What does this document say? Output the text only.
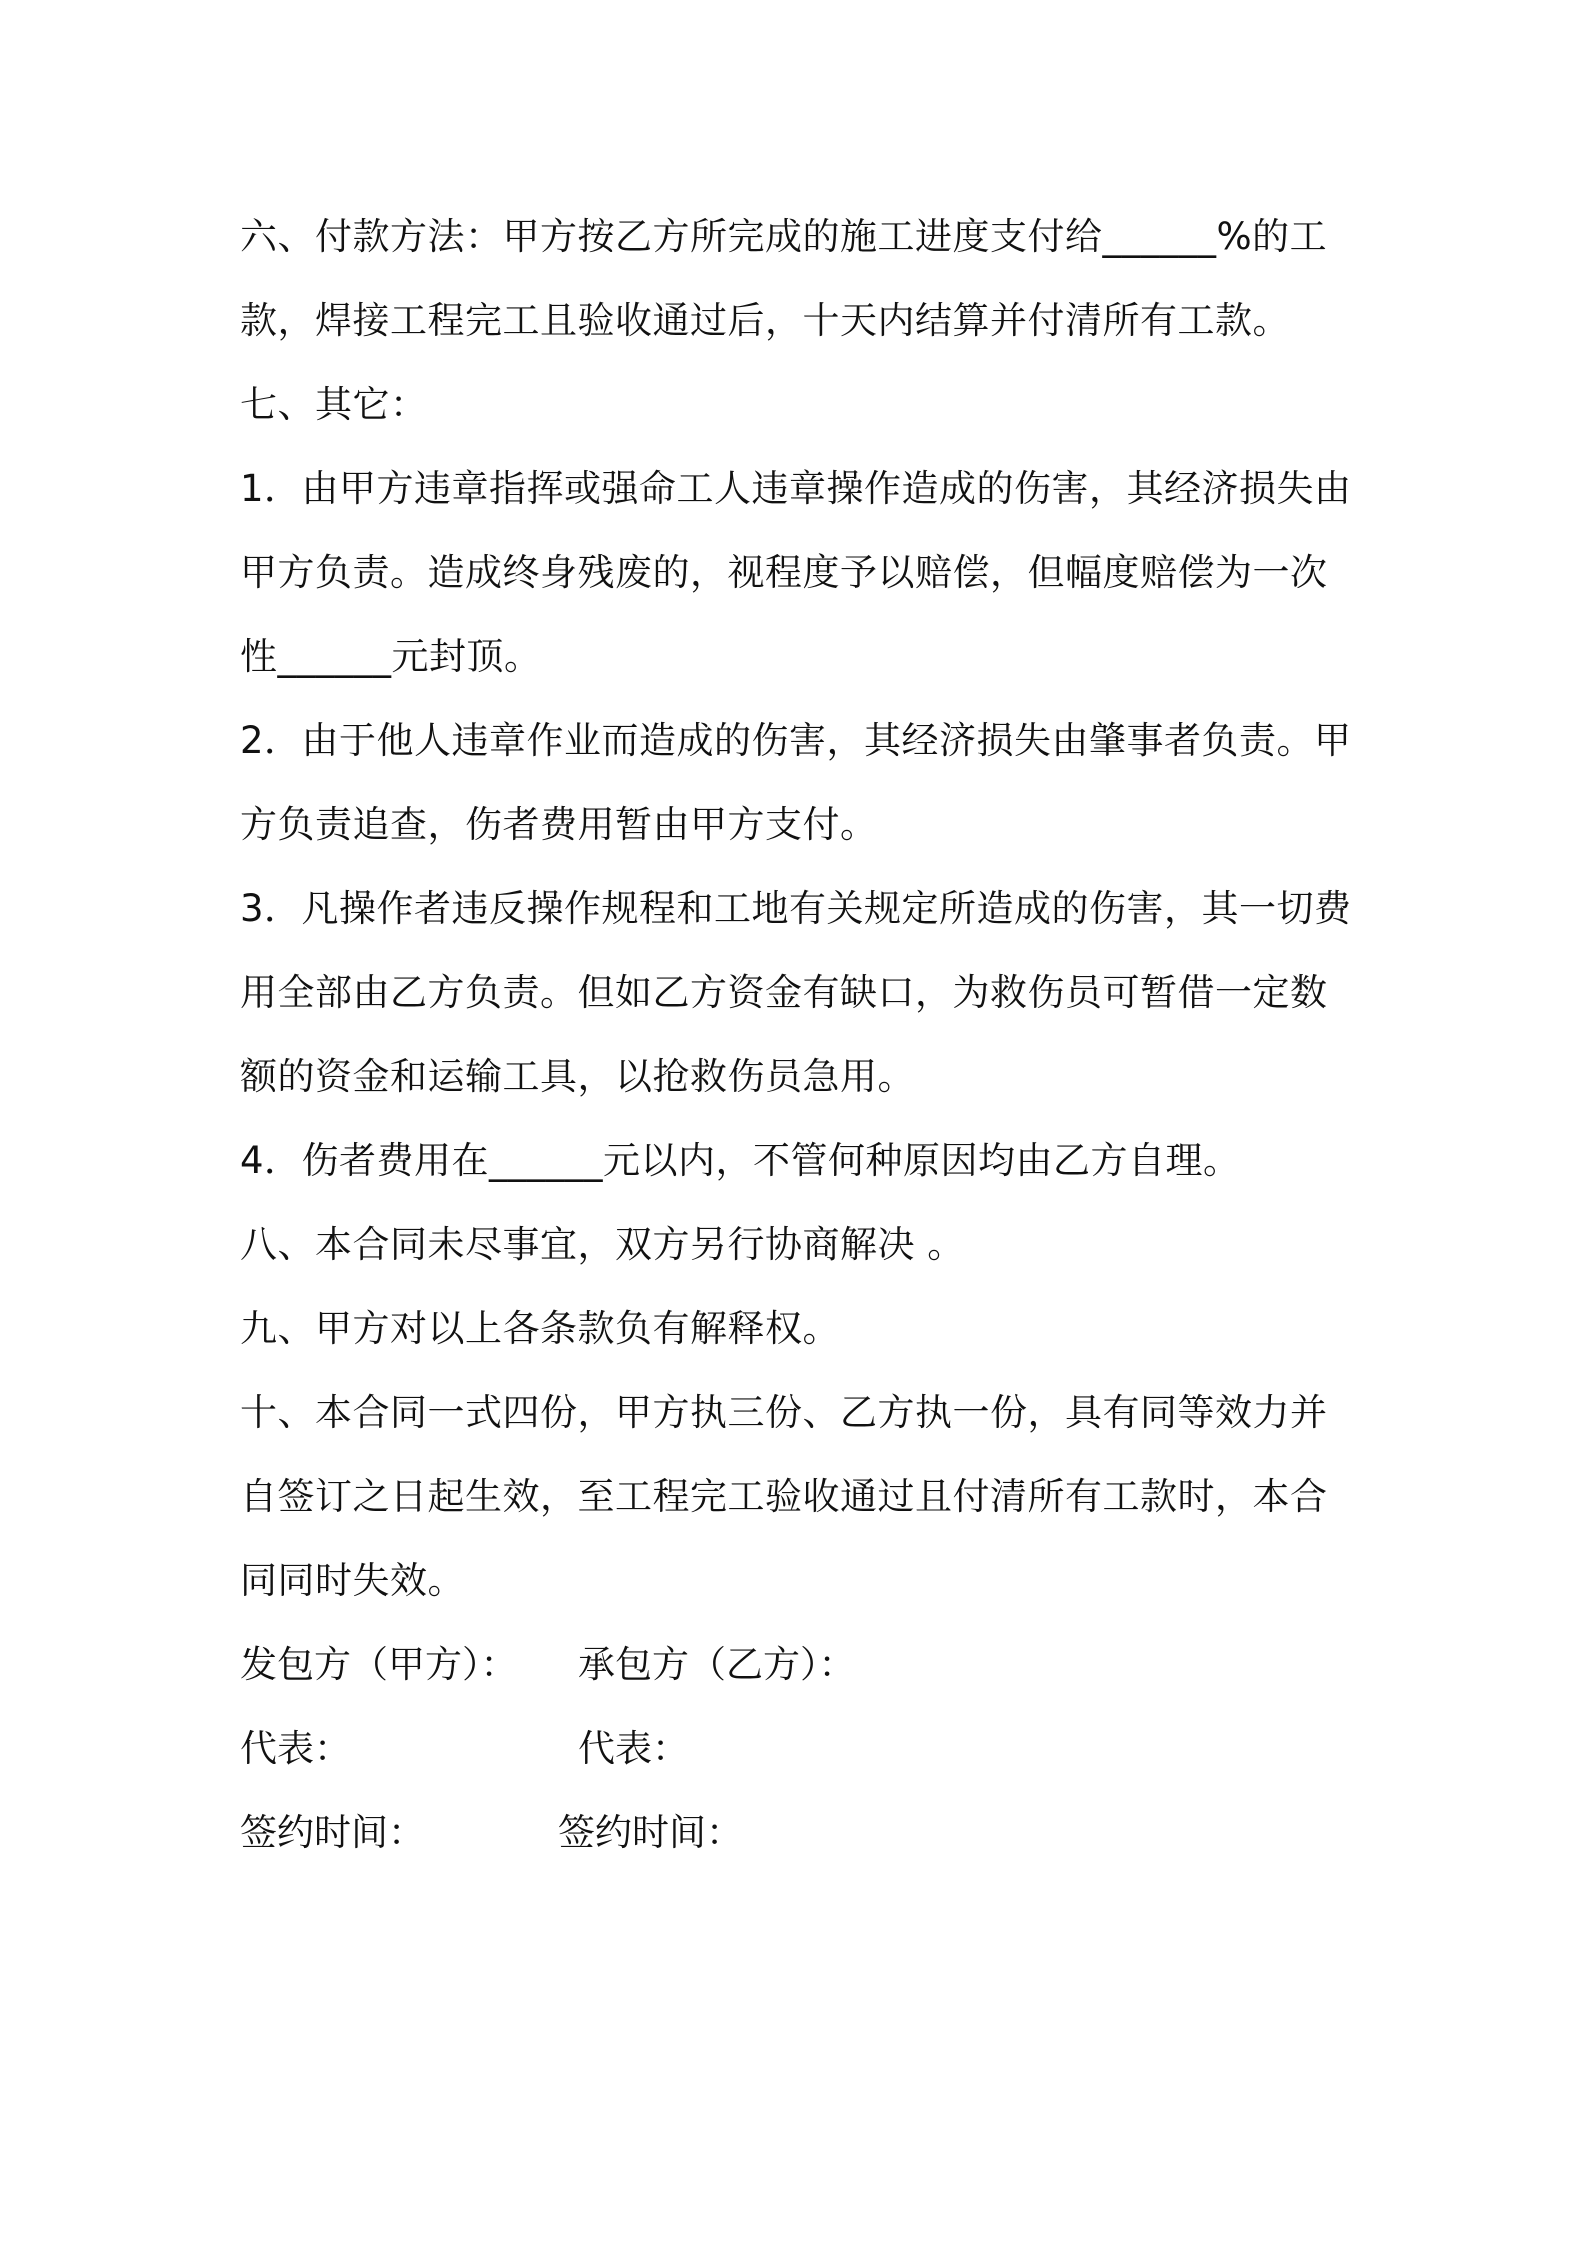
六、付款方法：甲方按乙方所完成的施工进度支付给______%的工款，焊接工程完工且验收通过后，十天内结算并付清所有工款。

七、其它：

1．由甲方违章指挥或强命工人违章操作造成的伤害，其经济损失由甲方负责。造成终身残废的，视程度予以赔偿，但幅度赔偿为一次性______元封顶。

2．由于他人违章作业而造成的伤害，其经济损失由肇事者负责。甲方负责追查，伤者费用暂由甲方支付。

3．凡操作者违反操作规程和工地有关规定所造成的伤害，其一切费用全部由乙方负责。但如乙方资金有缺口，为救伤员可暂借一定数额的资金和运输工具，以抢救伤员急用。

4．伤者费用在______元以内，不管何种原因均由乙方自理。

八、本合同未尽事宜，双方另行协商解决 。

九、甲方对以上各条款负有解释权。

十、本合同一式四份，甲方执三份、乙方执一份，具有同等效力并自签订之日起生效，至工程完工验收通过且付清所有工款时，本合同同时失效。

发包方（甲方）：

承包方（乙方）：

代表：

	代表：

签约时间：

	签约时间：
